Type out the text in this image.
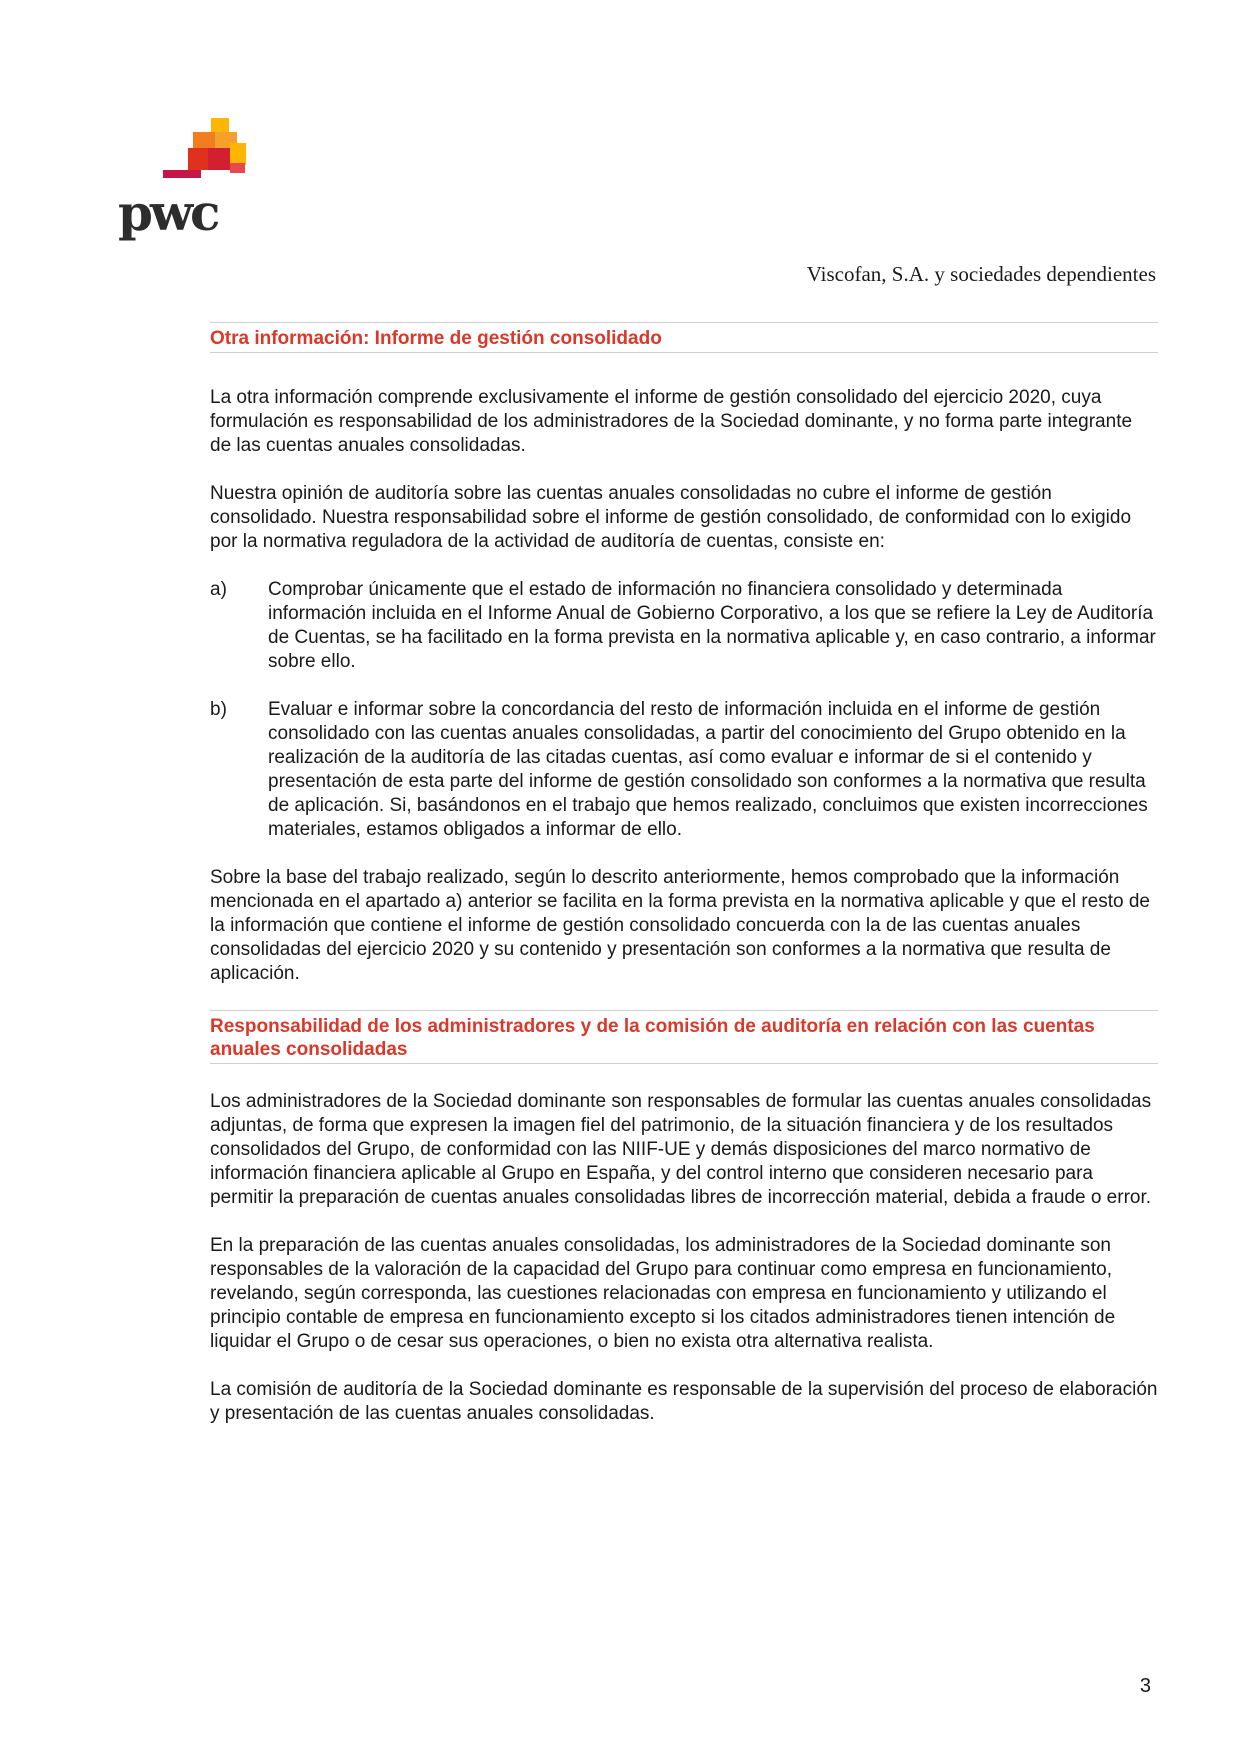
pwc
Viscofan, S.A. y sociedades dependientes
Otra información: Informe de gestión consolidado

La otra información comprende exclusivamente el informe de gestión consolidado del ejercicio 2020, cuya formulación es responsabilidad de los administradores de la Sociedad dominante, y no forma parte integrante de las cuentas anuales consolidadas.

Nuestra opinión de auditoría sobre las cuentas anuales consolidadas no cubre el informe de gestión consolidado. Nuestra responsabilidad sobre el informe de gestión consolidado, de conformidad con lo exigido por la normativa reguladora de la actividad de auditoría de cuentas, consiste en:

a)	Comprobar únicamente que el estado de información no financiera consolidado y determinada información incluida en el Informe Anual de Gobierno Corporativo, a los que se refiere la Ley de Auditoría de Cuentas, se ha facilitado en la forma prevista en la normativa aplicable y, en caso contrario, a informar sobre ello.
b)	Evaluar e informar sobre la concordancia del resto de información incluida en el informe de gestión consolidado con las cuentas anuales consolidadas, a partir del conocimiento del Grupo obtenido en la realización de la auditoría de las citadas cuentas, así como evaluar e informar de si el contenido y presentación de esta parte del informe de gestión consolidado son conformes a la normativa que resulta de aplicación. Si, basándonos en el trabajo que hemos realizado, concluimos que existen incorrecciones materiales, estamos obligados a informar de ello.

Sobre la base del trabajo realizado, según lo descrito anteriormente, hemos comprobado que la información mencionada en el apartado a) anterior se facilita en la forma prevista en la normativa aplicable y que el resto de la información que contiene el informe de gestión consolidado concuerda con la de las cuentas anuales consolidadas del ejercicio 2020 y su contenido y presentación son conformes a la normativa que resulta de aplicación.

Responsabilidad de los administradores y de la comisión de auditoría en relación con las cuentas anuales consolidadas

Los administradores de la Sociedad dominante son responsables de formular las cuentas anuales consolidadas adjuntas, de forma que expresen la imagen fiel del patrimonio, de la situación financiera y de los resultados consolidados del Grupo, de conformidad con las NIIF-UE y demás disposiciones del marco normativo de información financiera aplicable al Grupo en España, y del control interno que consideren necesario para permitir la preparación de cuentas anuales consolidadas libres de incorrección material, debida a fraude o error.

En la preparación de las cuentas anuales consolidadas, los administradores de la Sociedad dominante son responsables de la valoración de la capacidad del Grupo para continuar como empresa en funcionamiento, revelando, según corresponda, las cuestiones relacionadas con empresa en funcionamiento y utilizando el principio contable de empresa en funcionamiento excepto si los citados administradores tienen intención de liquidar el Grupo o de cesar sus operaciones, o bien no exista otra alternativa realista.

La comisión de auditoría de la Sociedad dominante es responsable de la supervisión del proceso de elaboración y presentación de las cuentas anuales consolidadas.

3
